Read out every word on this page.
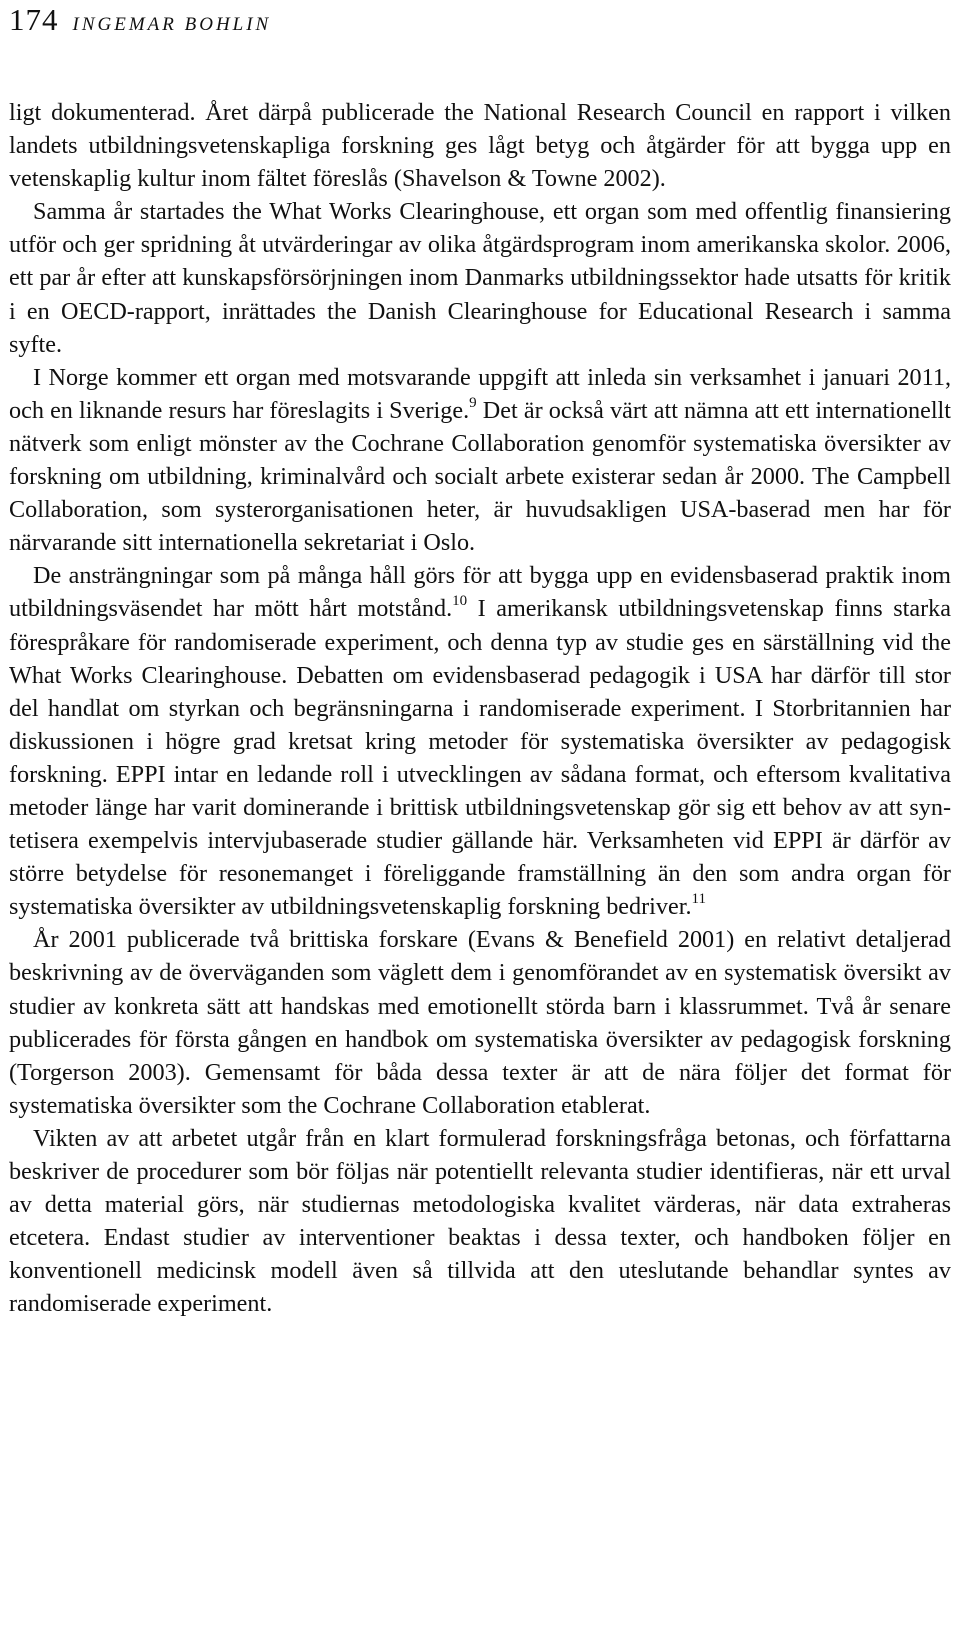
174 INGEMAR BOHLIN

ligt dokumenterad. Året därpå publicerade the National Research Council en rapport i vilken landets utbildningsvetenskapliga forskning ges lågt betyg och åtgärder för att bygga upp en vetenskaplig kultur inom fältet föreslås (Shavelson & Towne 2002).

Samma år startades the What Works Clearinghouse, ett organ som med offentlig finansiering utför och ger spridning åt utvärderingar av olika åtgärdsprogram inom amerikanska skolor. 2006, ett par år efter att kunskapsförsörjningen inom Danmarks utbildningssektor hade utsatts för kritik i en OECD-rapport, inrättades the Danish Clearinghouse for Educational Research i samma syfte.

I Norge kommer ett organ med motsvarande uppgift att inleda sin verksamhet i januari 2011, och en liknande resurs har föreslagits i Sverige.$^9$ Det är också värt att nämna att ett internationellt nätverk som enligt mönster av the Cochrane Collaboration genomför systematiska översikter av forskning om utbildning, kriminalvård och socialt arbete existerar sedan år 2000. The Campbell Collaboration, som systerorganisationen heter, är huvudsakligen USA-baserad men har för närvarande sitt internationella sekretariat i Oslo.

De ansträngningar som på många håll görs för att bygga upp en evidensbaserad praktik inom utbildningsväsendet har mött hårt motstånd.$^{10}$ I amerikansk utbildningsvetenskap finns starka förespråkare för randomiserade experiment, och denna typ av studie ges en särställning vid the What Works Clearinghouse. Debatten om evidensbaserad pedagogik i USA har därför till stor del handlat om styrkan och begränsningarna i randomiserade experiment. I Storbritannien har diskussionen i högre grad kretsat kring metoder för systematiska översikter av pedagogisk forskning. EPPI intar en ledande roll i utvecklingen av sådana format, och eftersom kvalitativa metoder länge har varit dominerande i brittisk utbildningsvetenskap gör sig ett behov av att syntetisera exempelvis intervjubaserade studier gällande här. Verksamheten vid EPPI är därför av större betydelse för resonemanget i föreliggande framställning än den som andra organ för systematiska översikter av utbildningsvetenskaplig forskning bedriver.$^{11}$

År 2001 publicerade två brittiska forskare (Evans & Benefield 2001) en relativt detaljerad beskrivning av de överväganden som väglett dem i genomförandet av en systematisk översikt av studier av konkreta sätt att handskas med emotionellt störda barn i klassrummet. Två år senare publicerades för första gången en handbok om systematiska översikter av pedagogisk forskning (Torgerson 2003). Gemensamt för båda dessa texter är att de nära följer det format för systematiska översikter som the Cochrane Collaboration etablerat.

Vikten av att arbetet utgår från en klart formulerad forskningsfråga betonas, och författarna beskriver de procedurer som bör följas när potentiellt relevanta studier identifieras, när ett urval av detta material görs, när studiernas metodologiska kvalitet värderas, när data extraheras etcetera. Endast studier av interventioner beaktas i dessa texter, och handboken följer en konventionell medicinsk modell även så tillvida att den uteslutande behandlar syntes av randomiserade experiment.
